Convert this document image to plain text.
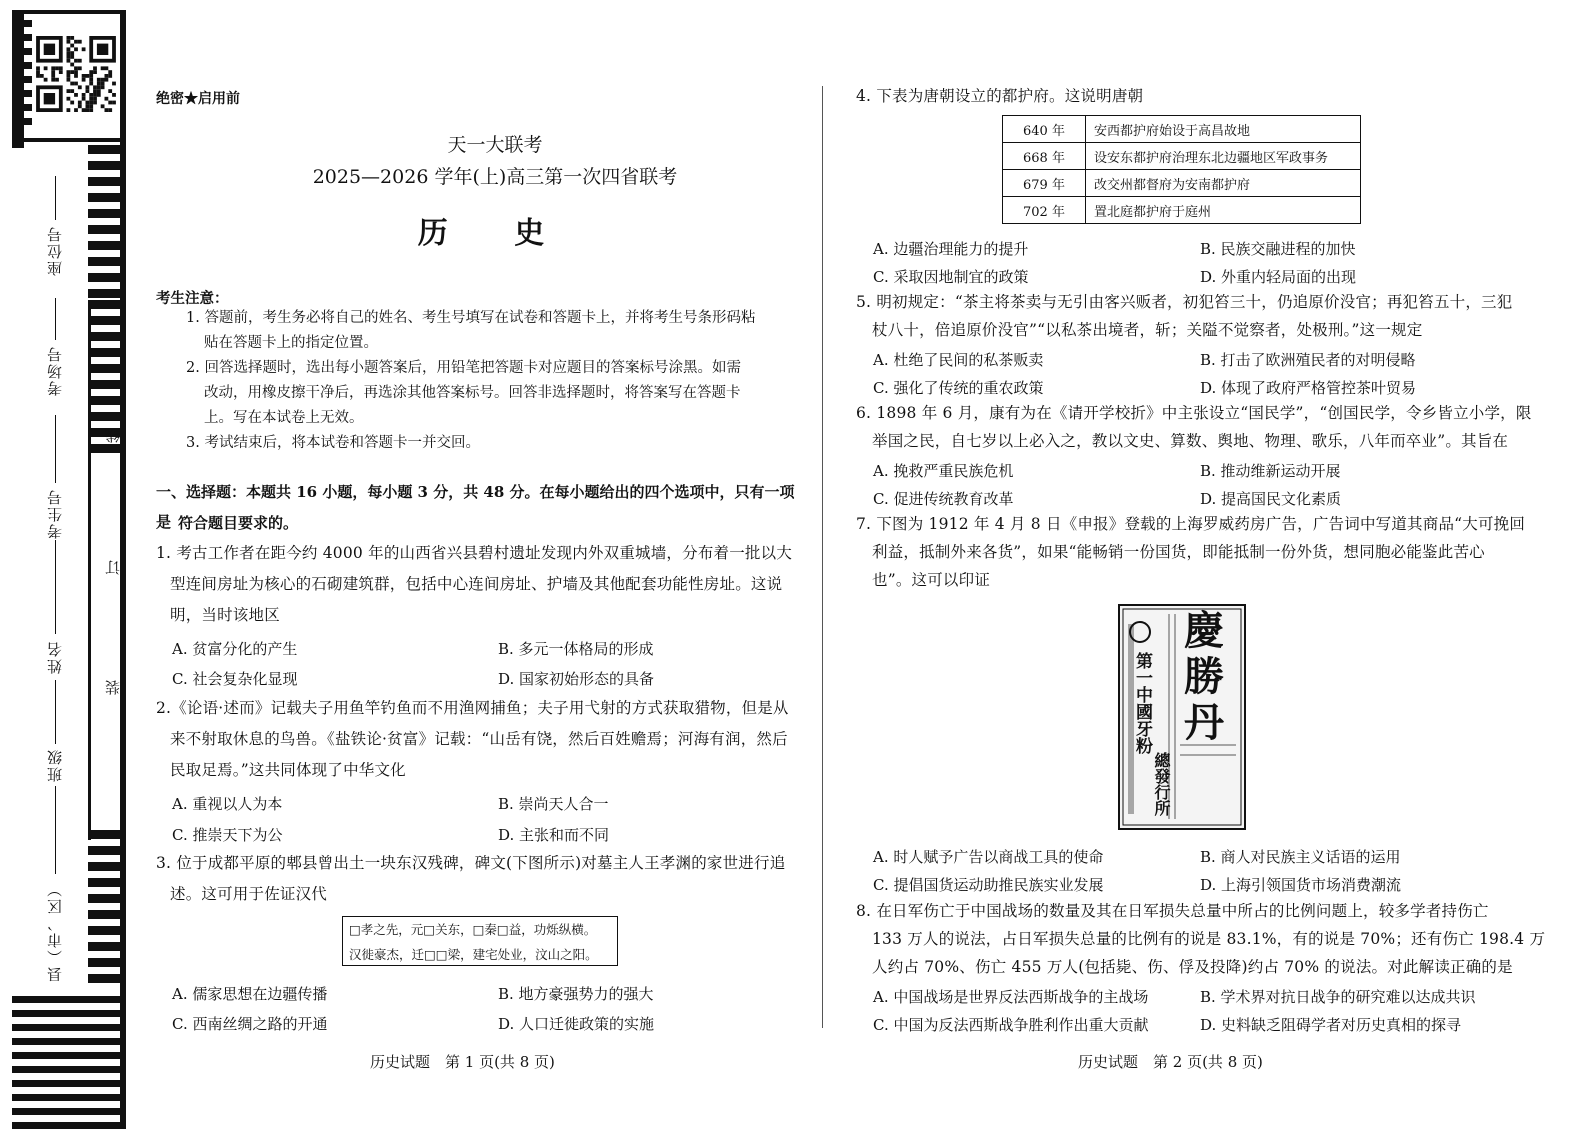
座位号
考场号
考生号
姓名
班级
县（市、区）
线
订
装
绝密★启用前
天一大联考
2025—2026 学年(上)高三第一次四省联考
历 史
考生注意：
1. 答题前，考生务必将自己的姓名、考生号填写在试卷和答题卡上，并将考生号条形码粘
贴在答题卡上的指定位置。
2. 回答选择题时，选出每小题答案后，用铅笔把答题卡对应题目的答案标号涂黑。如需
改动，用橡皮擦干净后，再选涂其他答案标号。回答非选择题时，将答案写在答题卡
上。写在本试卷上无效。
3. 考试结束后，将本试卷和答题卡一并交回。
一、选择题：本题共 16 小题，每小题 3 分，共 48 分。在每小题给出的四个选项中，只有一项是 符合题目要求的。
1. 考古工作者在距今约 4000 年的山西省兴县碧村遗址发现内外双重城墙，分布着一批以大
型连间房址为核心的石砌建筑群，包括中心连间房址、护墙及其他配套功能性房址。这说
明，当时该地区
A. 贫富分化的产生	B. 多元一体格局的形成
C. 社会复杂化显现	D. 国家初始形态的具备
2.《论语·述而》记载夫子用鱼竿钓鱼而不用渔网捕鱼；夫子用弋射的方式获取猎物，但是从
来不射取休息的鸟兽。《盐铁论·贫富》记载：“山岳有饶，然后百姓赡焉；河海有润，然后
民取足焉。”这共同体现了中华文化
A. 重视以人为本	B. 崇尚天人合一
C. 推崇天下为公	D. 主张和而不同
3. 位于成都平原的郫县曾出土一块东汉残碑，碑文(下图所示)对墓主人王孝渊的家世进行追
述。这可用于佐证汉代
□孝之先，元□关东，□秦□益，功烁纵横。
汉徙豪杰，迁□□梁，建宅处业，汶山之阳。
A. 儒家思想在边疆传播	B. 地方豪强势力的强大
C. 西南丝绸之路的开通	D. 人口迁徙政策的实施
历史试题　第 1 页(共 8 页)
4. 下表为唐朝设立的都护府。这说明唐朝
640 年	安西都护府始设于高昌故地
668 年	设安东都护府治理东北边疆地区军政事务
679 年	改交州都督府为安南都护府
702 年	置北庭都护府于庭州
A. 边疆治理能力的提升	B. 民族交融进程的加快
C. 采取因地制宜的政策	D. 外重内轻局面的出现
5. 明初规定：“茶主将茶卖与无引由客兴贩者，初犯笞三十，仍追原价没官；再犯笞五十，三犯
杖八十，倍追原价没官”“以私茶出境者，斩；关隘不觉察者，处极刑。”这一规定
A. 杜绝了民间的私茶贩卖	B. 打击了欧洲殖民者的对明侵略
C. 强化了传统的重农政策	D. 体现了政府严格管控茶叶贸易
6. 1898 年 6 月，康有为在《请开学校折》中主张设立“国民学”，“创国民学，令乡皆立小学，限
举国之民，自七岁以上必入之，教以文史、算数、舆地、物理、歌乐，八年而卒业”。其旨在
A. 挽救严重民族危机	B. 推动维新运动开展
C. 促进传统教育改革	D. 提高国民文化素质
7. 下图为 1912 年 4 月 8 日《申报》登载的上海罗威药房广告，广告词中写道其商品“大可挽回
利益，抵制外来各货”，如果“能畅销一份国货，即能抵制一份外货，想同胞必能鉴此苦心
也”。这可以印证
慶
勝
丹
第一中國牙粉
總發行所
A. 时人赋予广告以商战工具的使命	B. 商人对民族主义话语的运用
C. 提倡国货运动助推民族实业发展	D. 上海引领国货市场消费潮流
8. 在日军伤亡于中国战场的数量及其在日军损失总量中所占的比例问题上，较多学者持伤亡
133 万人的说法，占日军损失总量的比例有的说是 83.1%，有的说是 70%；还有伤亡 198.4 万
人约占 70%、伤亡 455 万人(包括毙、伤、俘及投降)约占 70% 的说法。对此解读正确的是
A. 中国战场是世界反法西斯战争的主战场	B. 学术界对抗日战争的研究难以达成共识
C. 中国为反法西斯战争胜利作出重大贡献	D. 史料缺乏阻碍学者对历史真相的探寻
历史试题　第 2 页(共 8 页)
